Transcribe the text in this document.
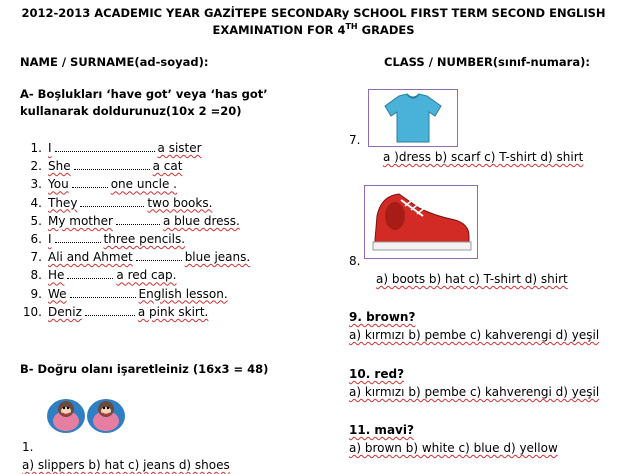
2012-2013 ACADEMIC YEAR GAZİTEPE SECONDARy SCHOOL FIRST TERM SECOND ENGLISH
EXAMINATION FOR 4TH GRADES
NAME / SURNAME(ad-soyad):	CLASS / NUMBER(sınıf-numara):
A- Boşlukları ‘have got’ veya ‘has got’
kullanarak doldurunuz(10x 2 =20)
1. I	a sister
2. She	a cat
3. You	one uncle .
4. They	two books.
5. My mother	a blue dress.
6. I	three pencils.
7. Ali and Ahmet	blue jeans.
8. He	a red cap.
9. We	English lesson.
10. Deniz	a pink skirt.
B- Doğru olanı işaretleiniz (16x3 = 48)
1.
a) slippers b) hat c) jeans d) shoes
7.
a )dress b) scarf c) T-shirt d) shirt
8.
a) boots b) hat c) T-shirt d) shirt
9. brown?
a) kırmızı b) pembe c) kahverengi d) yeşil
10. red?
a) kırmızı b) pembe c) kahverengi d) yeşil
11. mavi?
a) brown b) white c) blue d) yellow
